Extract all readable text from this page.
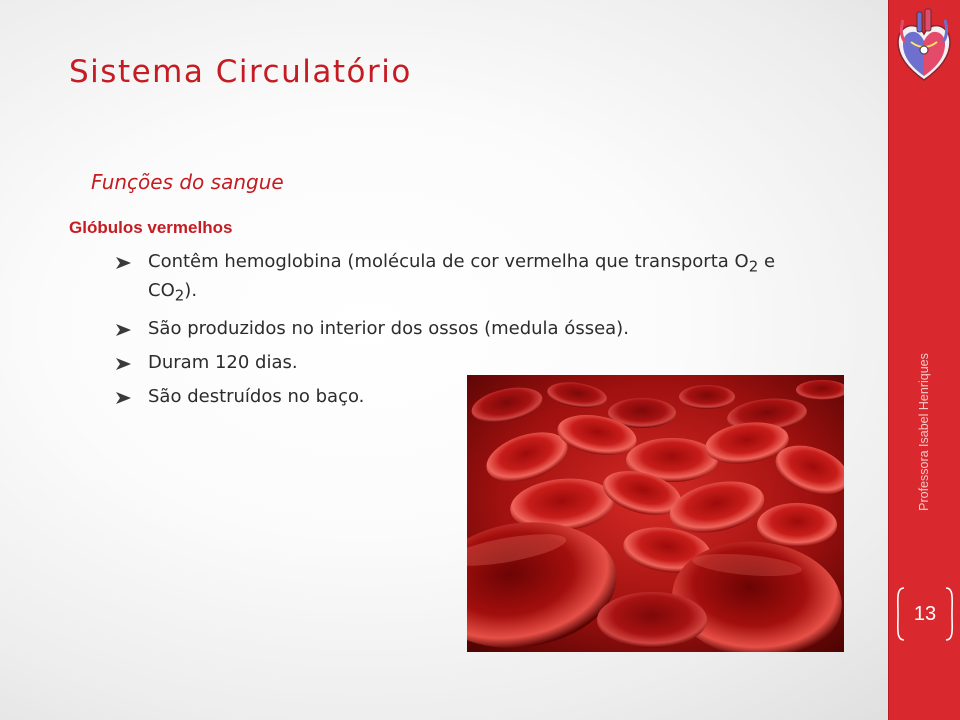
Professora Isabel Henriques
13
Sistema Circulatório
Funções do sangue
Glóbulos vermelhos
Contêm hemoglobina (molécula de cor vermelha que transporta $O_2$ e $CO_2$).
São produzidos no interior dos ossos (medula óssea).
Duram 120 dias.
São destruídos no baço.
